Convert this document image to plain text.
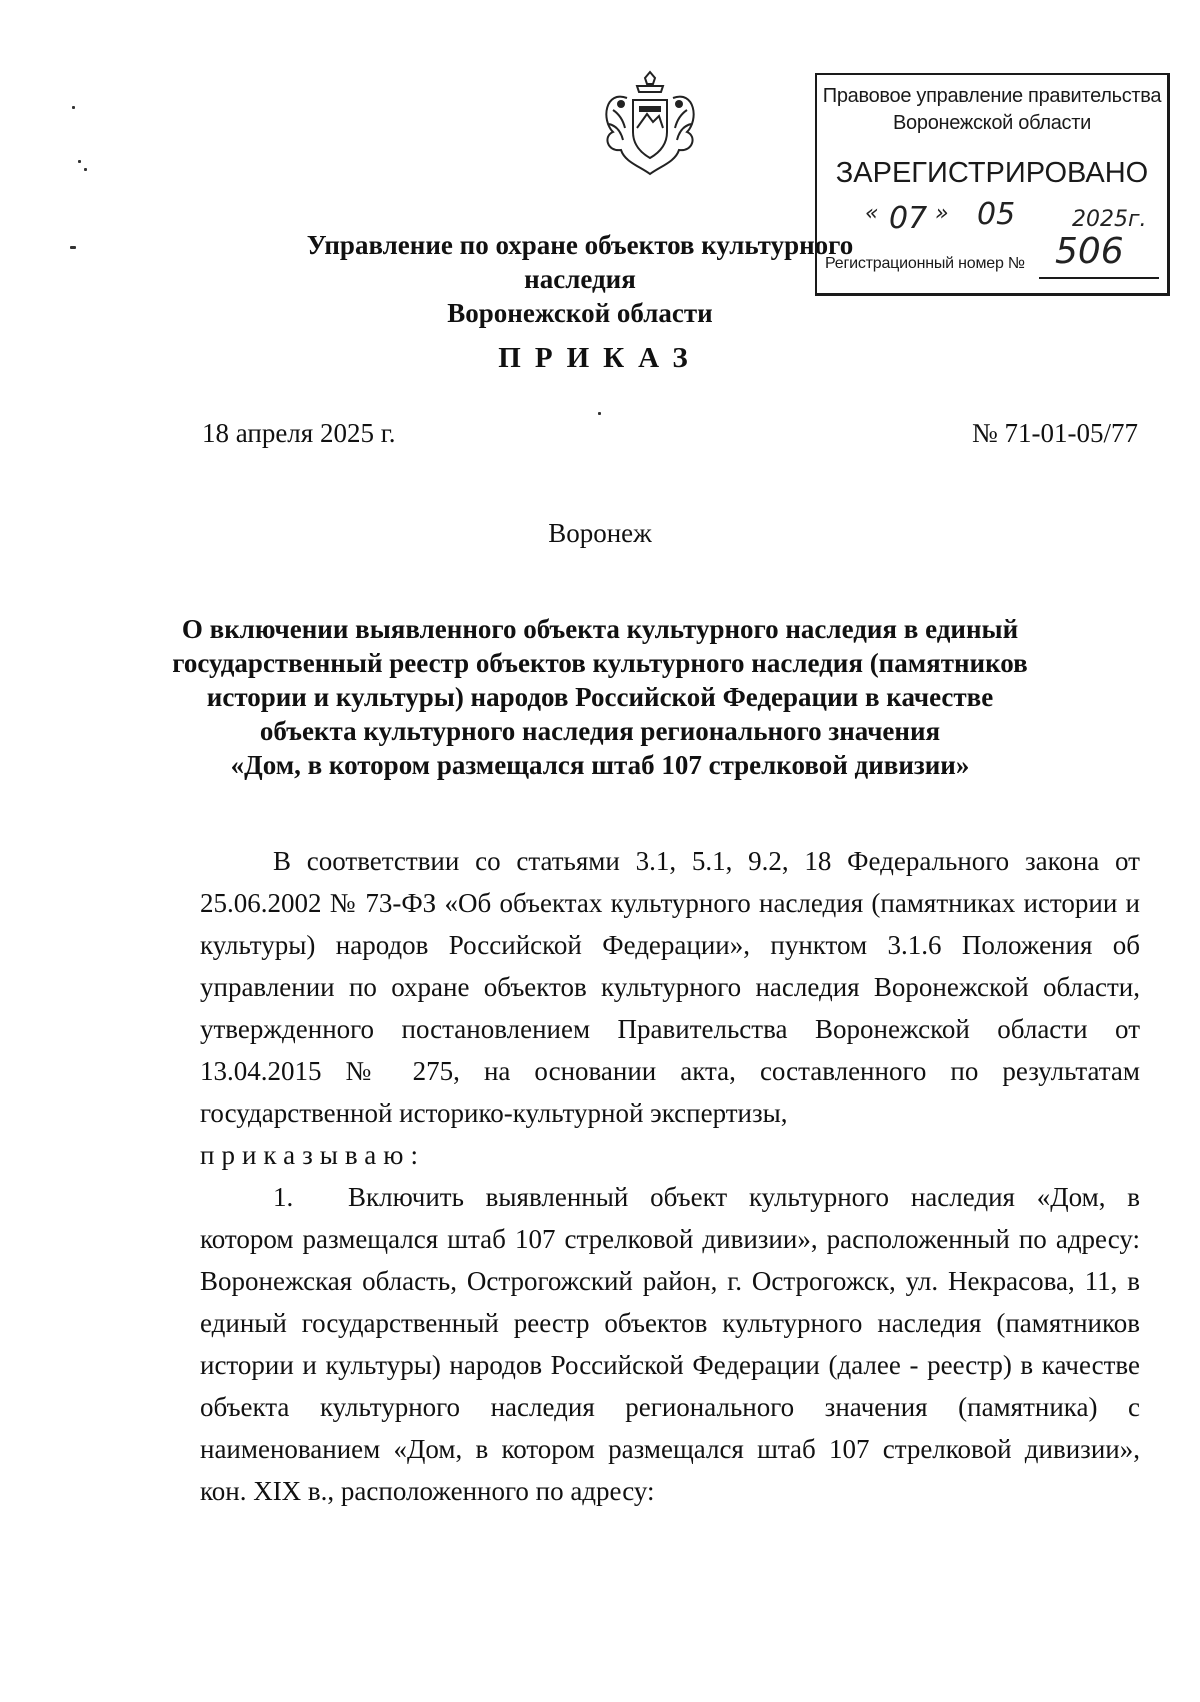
Правовое управление правительства
Воронежской области
ЗАРЕГИСТРИРОВАНО
« 07 » 05	2025г.
Регистрационный номер № 506
Управление по охране объектов культурного наследия
Воронежской области
ПРИКАЗ
18 апреля 2025 г.	№ 71-01-05/77
Воронеж
О включении выявленного объекта культурного наследия в единый
государственный реестр объектов культурного наследия (памятников
истории и культуры) народов Российской Федерации в качестве
объекта культурного наследия регионального значения
«Дом, в котором размещался штаб 107 стрелковой дивизии»

В соответствии со статьями 3.1, 5.1, 9.2, 18 Федерального закона от 25.06.2002 № 73-ФЗ «Об объектах культурного наследия (памятниках истории и культуры) народов Российской Федерации», пунктом 3.1.6 Положения об управлении по охране объектов культурного наследия Воронежской области, утвержденного постановлением Правительства Воронежской области от 13.04.2015 № 275, на основании акта, составленного по результатам государственной историко-культурной экспертизы,

приказываю:

1. Включить выявленный объект культурного наследия «Дом, в котором размещался штаб 107 стрелковой дивизии», расположенный по адресу: Воронежская область, Острогожский район, г. Острогожск, ул. Некрасова, 11, в единый государственный реестр объектов культурного наследия (памятников истории и культуры) народов Российской Федерации (далее - реестр) в качестве объекта культурного наследия регионального значения (памятника) с наименованием «Дом, в котором размещался штаб 107 стрелковой дивизии», кон. XIX в., расположенного по адресу:
